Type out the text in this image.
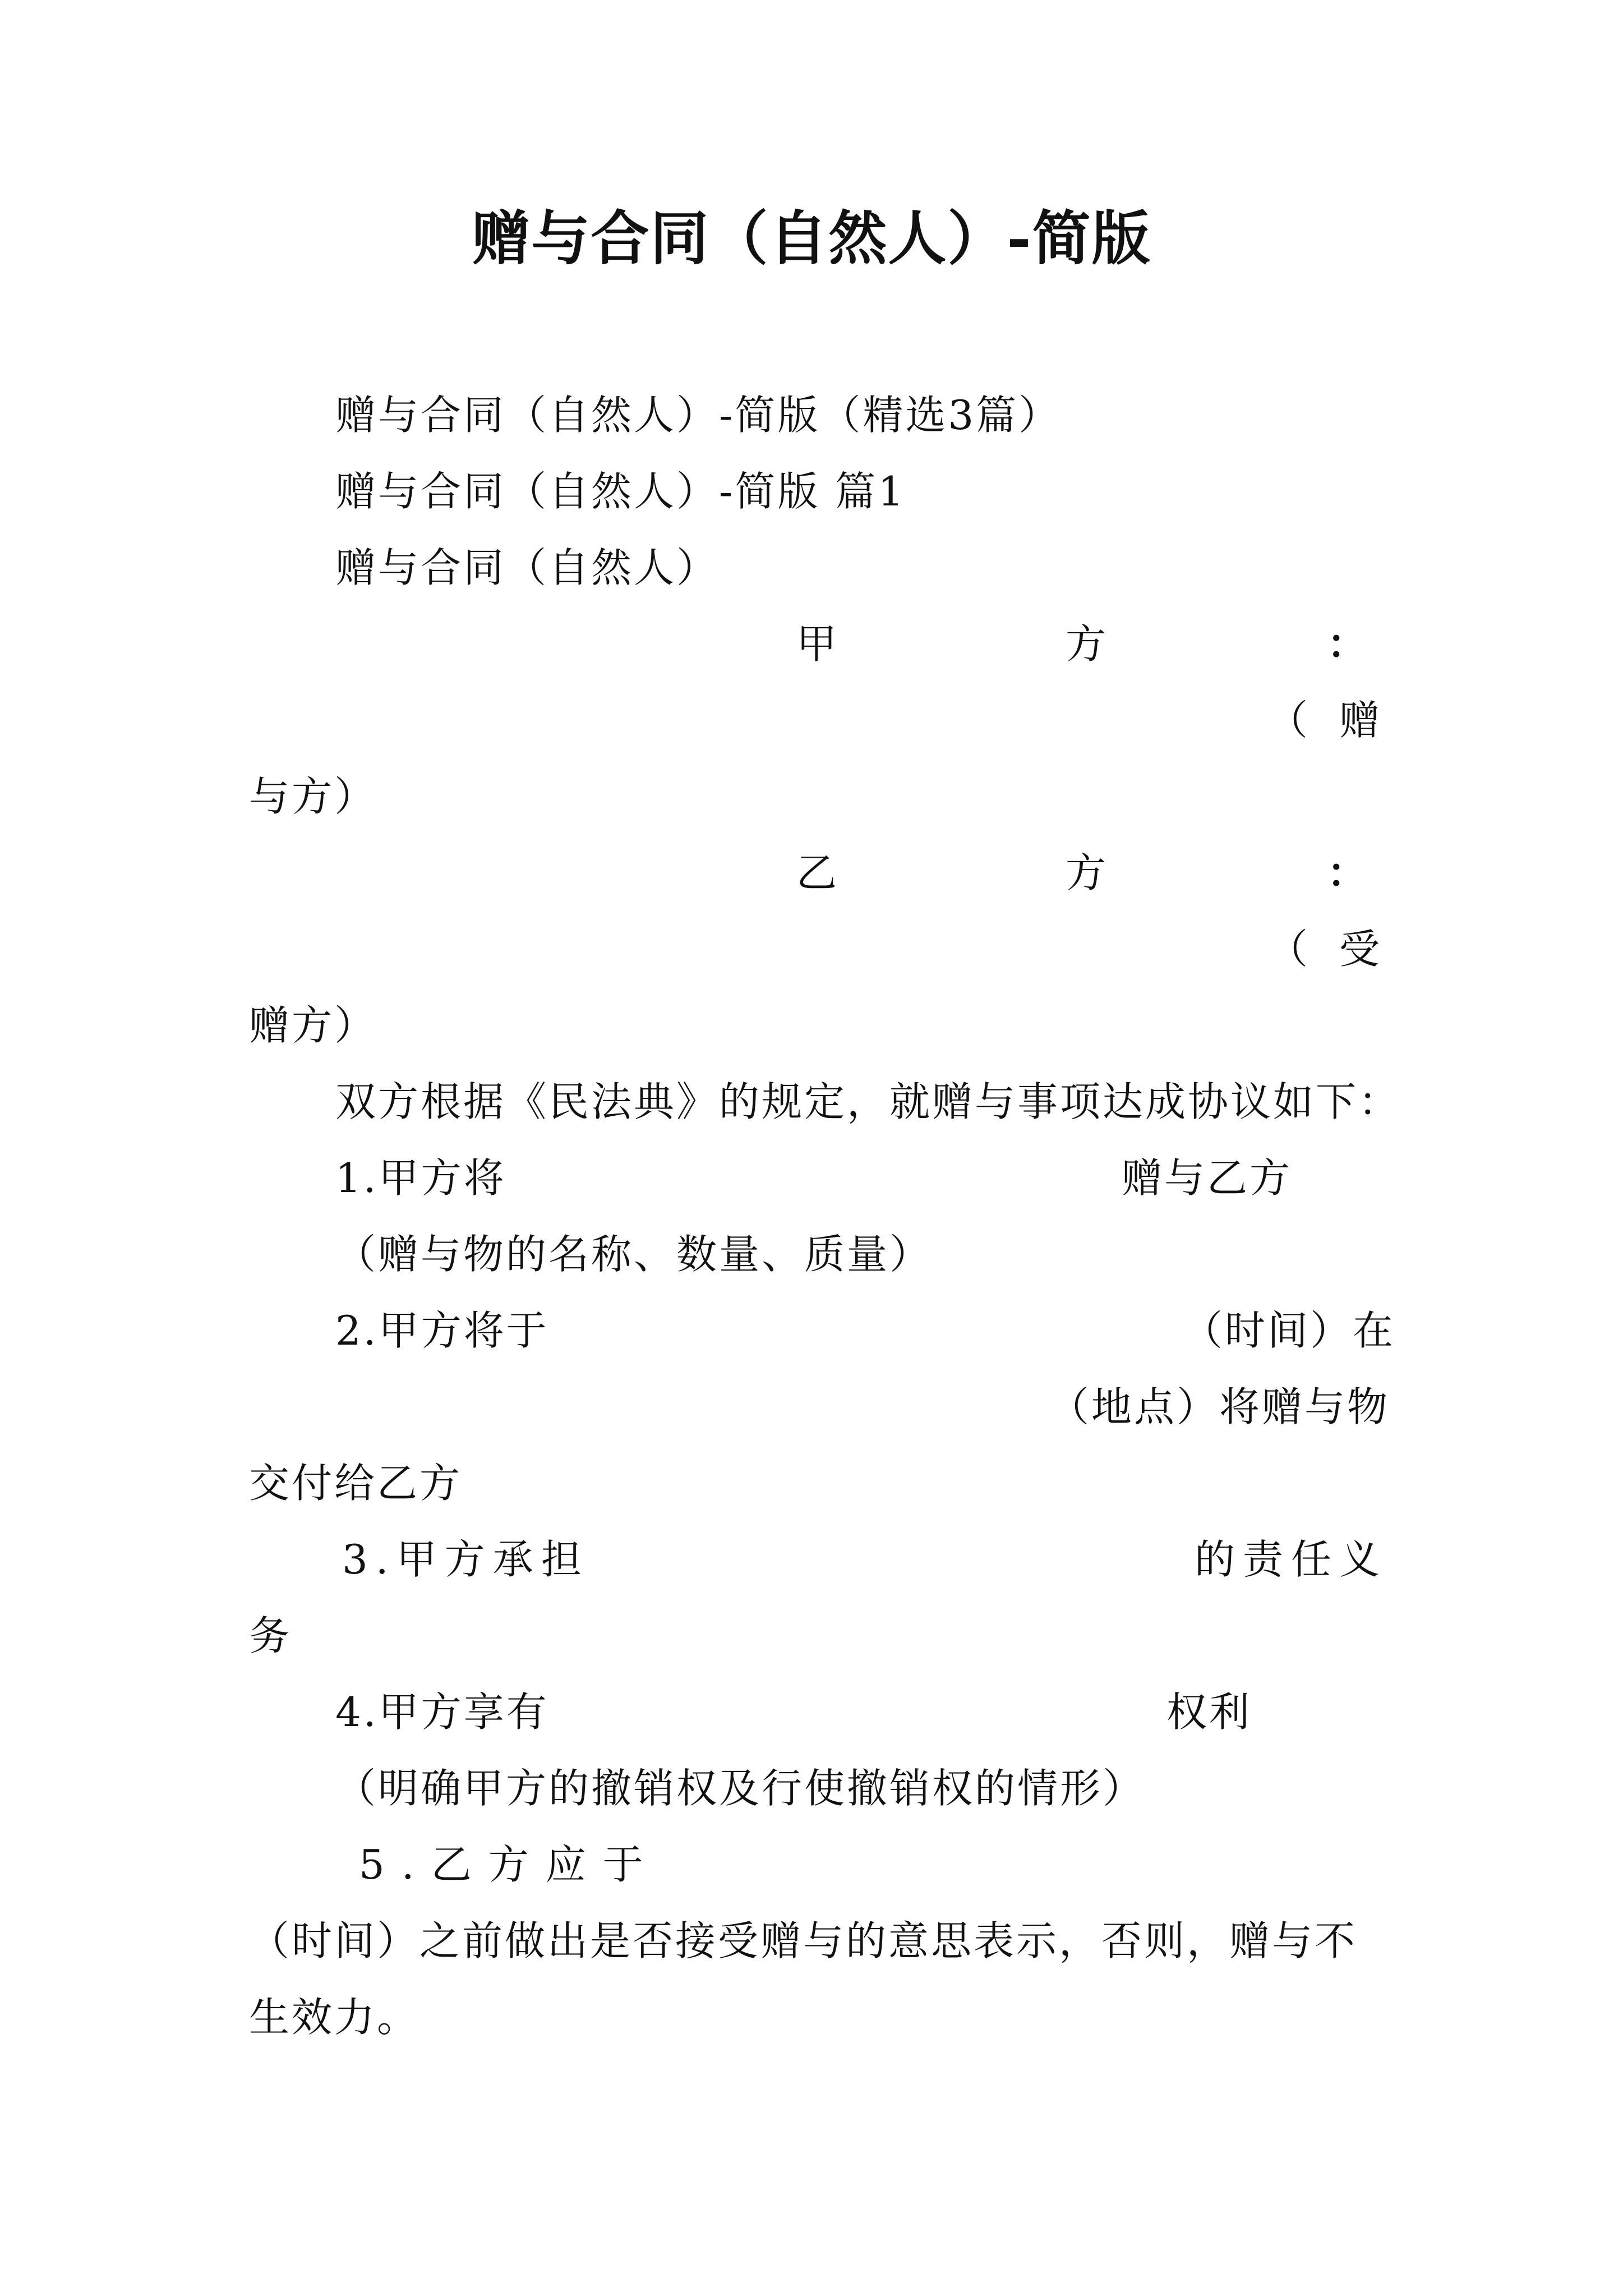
赠与合同（自然人）-简版
赠与合同（自然人）-简版（精选3篇）
赠与合同（自然人）-简版 篇1
赠与合同（自然人）
甲	方	：
（ 赠
与方）
乙	方	：
（ 受
赠方）
双方根据《民法典》的规定，就赠与事项达成协议如下：
1.甲方将	赠与乙方
（赠与物的名称、数量、质量）
2.甲方将于	（时间）在
（地点）将赠与物
交付给乙方
3.甲方承担	的责任义
务
4.甲方享有	权利
（明确甲方的撤销权及行使撤销权的情形）
5.乙方应于
（时间）之前做出是否接受赠与的意思表示，否则，赠与不
生效力。
